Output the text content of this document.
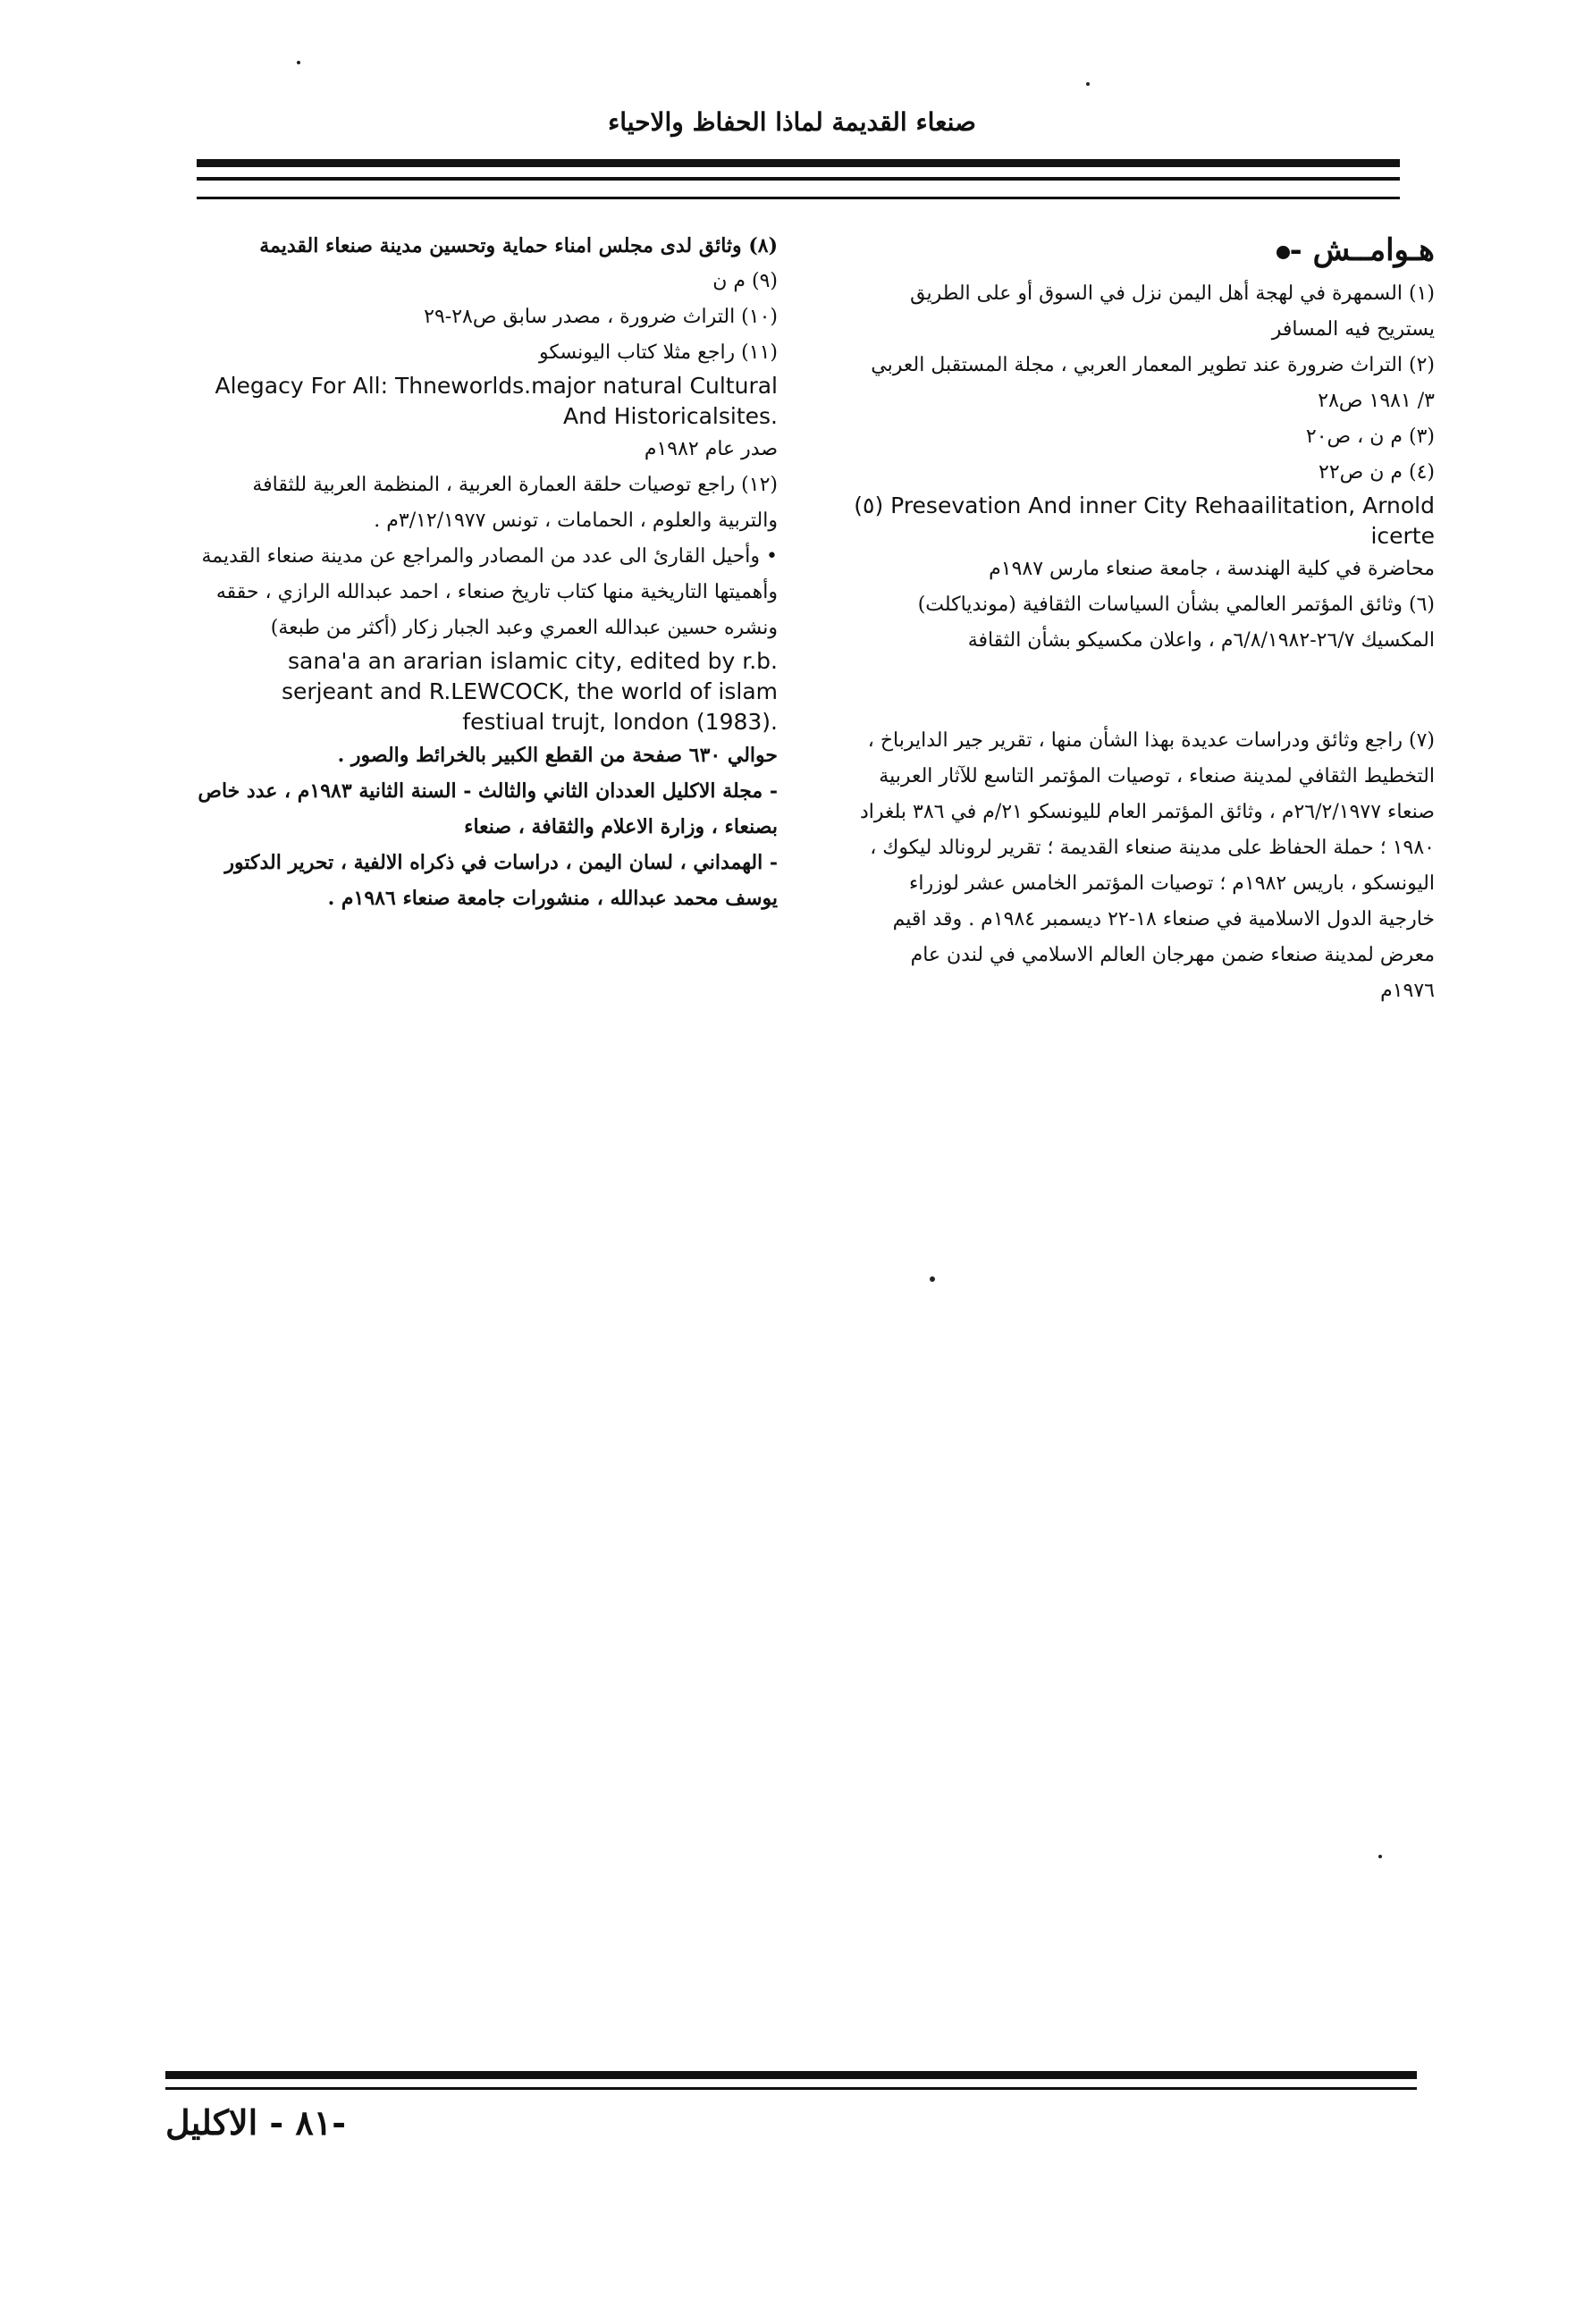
صنعاء القديمة لماذا الحفاظ والاحياء
هـوامــش -

(١) السمهرة في لهجة أهل اليمن نزل في السوق أو على الطريق يستريح فيه المسافر

(٢) التراث ضرورة عند تطوير المعمار العربي ، مجلة المستقبل العربي ٣/ ١٩٨١ ص٢٨

(٣) م ن ، ص٢٠

(٤) م ن ص٢٢

(٥) Presevation And inner City Rehaailitation, Arnold icerte

محاضرة في كلية الهندسة ، جامعة صنعاء مارس ١٩٨٧م

(٦) وثائق المؤتمر العالمي بشأن السياسات الثقافية (موندياكلت) المكسيك ٢٦/٧-٦/٨/١٩٨٢م ، واعلان مكسيكو بشأن الثقافة

(٧) راجع وثائق ودراسات عديدة بهذا الشأن منها ، تقرير جير الدايرباخ ، التخطيط الثقافي لمدينة صنعاء ، توصيات المؤتمر التاسع للآثار العربية صنعاء ٢٦/٢/١٩٧٧م ، وثائق المؤتمر العام لليونسكو ٢١/م في ٣٨٦ بلغراد ١٩٨٠ ؛ حملة الحفاظ على مدينة صنعاء القديمة ؛ تقرير لرونالد ليكوك ، اليونسكو ، باريس ١٩٨٢م ؛ توصيات المؤتمر الخامس عشر لوزراء خارجية الدول الاسلامية في صنعاء ١٨-٢٢ ديسمبر ١٩٨٤م . وقد اقيم معرض لمدينة صنعاء ضمن مهرجان العالم الاسلامي في لندن عام ١٩٧٦م

(٨) وثائق لدى مجلس امناء حماية وتحسين مدينة صنعاء القديمة

(٩) م ن

(١٠) التراث ضرورة ، مصدر سابق ص٢٨-٢٩

(١١) راجع مثلا كتاب اليونسكو

Alegacy For All: Thneworlds.major natural Cultural And Historicalsites.

صدر عام ١٩٨٢م

(١٢) راجع توصيات حلقة العمارة العربية ، المنظمة العربية للثقافة والتربية والعلوم ، الحمامات ، تونس ٣/١٢/١٩٧٧م .

• وأحيل القارئ الى عدد من المصادر والمراجع عن مدينة صنعاء القديمة وأهميتها التاريخية منها كتاب تاريخ صنعاء ، احمد عبدالله الرازي ، حققه ونشره حسين عبدالله العمري وعبد الجبار زكار (أكثر من طبعة)

sana'a an ararian islamic city, edited by r.b. serjeant and R.LEWCOCK, the world of islam festiual trujt, london (1983).

حوالي ٦٣٠ صفحة من القطع الكبير بالخرائط والصور .

- مجلة الاكليل العددان الثاني والثالث - السنة الثانية ١٩٨٣م ، عدد خاص بصنعاء ، وزارة الاعلام والثقافة ، صنعاء

- الهمداني ، لسان اليمن ، دراسات في ذكراه الالفية ، تحرير الدكتور يوسف محمد عبدالله ، منشورات جامعة صنعاء ١٩٨٦م .

-٨١ - الاكليل
